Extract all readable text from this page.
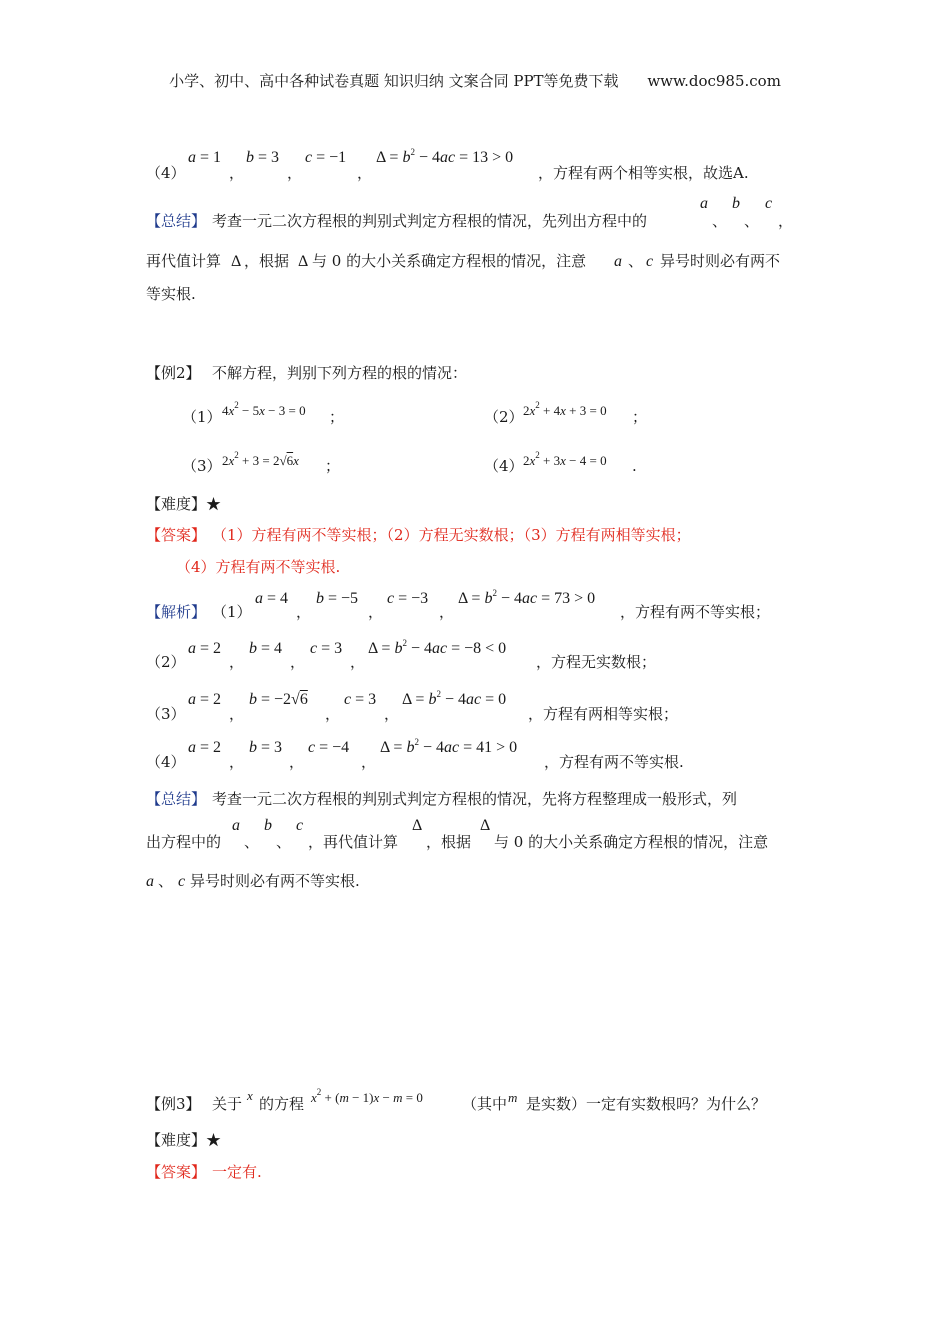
小学、初中、高中各种试卷真题 知识归纳 文案合同 PPT等免费下载 www.doc985.com
（4）
a = 1
，
b = 3
，
c = −1
，
$\Delta = b^2 - 4ac = 13 > 0$
，方程有两个相等实根，故选A.
【总结】 考查一元二次方程根的判别式判定方程根的情况，先列出方程中的
a
、
b
、
c
，
再代值计算 Δ ，根据 Δ 与 0 的大小关系确定方程根的情况，注意 a 、 c 异号时则必有两不
等实根.
【例2】 不解方程，判别下列方程的根的情况：
（1） $4x^2 - 5x - 3 = 0$ ；	（2） $2x^2 + 4x + 3 = 0$ ；
（3） $2x^2 + 3 = 2√6x$ ；	（4） $2x^2 + 3x - 4 = 0$ .
【难度】★
【答案】 （1）方程有两不等实根；（2）方程无实数根；（3）方程有两相等实根；
（4）方程有两不等实根.
【解析】 （1）
a = 4
，
b = −5
，
c = −3
，
$\Delta = b^2 - 4ac = 73 > 0$
，方程有两不等实根；
（2）
a = 2
，
b = 4
，
c = 3
，
$\Delta = b^2 - 4ac = -8 < 0$
，方程无实数根；
（3）
a = 2
，
b = −2√6
，
c = 3
，
$\Delta = b^2 - 4ac = 0$
，方程有两相等实根；
（4）
a = 2
，
b = 3
，
c = −4
，
$\Delta = b^2 - 4ac = 41 > 0$
，方程有两不等实根.
【总结】 考查一元二次方程根的判别式判定方程根的情况，先将方程整理成一般形式，列
出方程中的
a
、
b
、
c
，再代值计算
Δ
，根据
Δ
与 0 的大小关系确定方程根的情况，注意
a 、 c 异号时则必有两不等实根.
【例3】 关于 x 的方程 $x^2 + (m - 1)x - m = 0$	（其中 m 是实数）一定有实数根吗？为什么？
【难度】★
【答案】 一定有.
